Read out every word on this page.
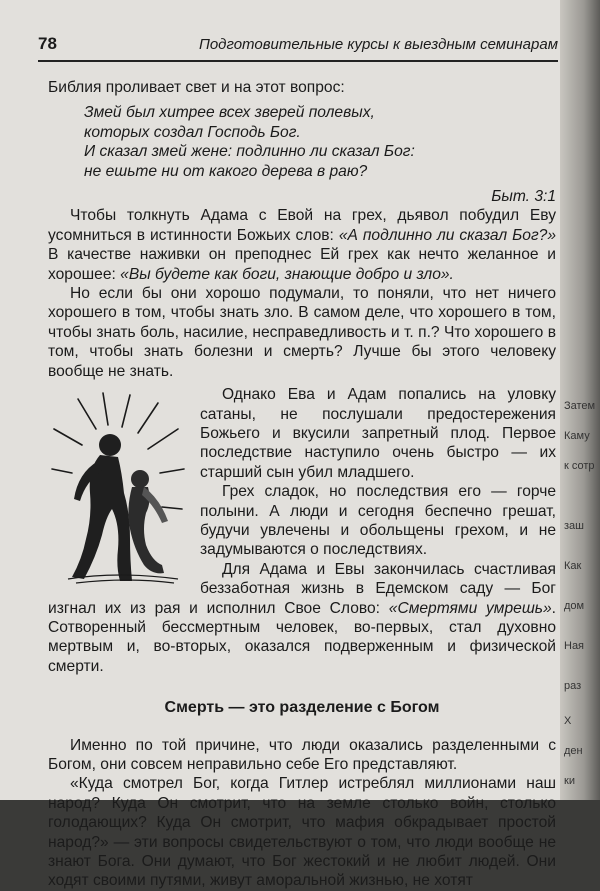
78	Подготовительные курсы к выездным семинарам

Библия проливает свет и на этот вопрос:

Змей был хитрее всех зверей полевых,
которых создал Господь Бог.
И сказал змей жене: подлинно ли сказал Бог:
не ешьте ни от какого дерева в раю?
Быт. 3:1

Чтобы толкнуть Адама с Евой на грех, дьявол побудил Еву усомниться в истинности Божьих слов: «А подлинно ли сказал Бог?» В качестве наживки он преподнес Ей грех как нечто желанное и хорошее: «Вы будете как боги, знающие добро и зло».

Но если бы они хорошо подумали, то поняли, что нет ничего хорошего в том, чтобы знать зло. В самом деле, что хорошего в том, чтобы знать боль, насилие, несправедливость и т. п.? Что хорошего в том, чтобы знать болезни и смерть? Лучше бы этого человеку вообще не знать.

Однако Ева и Адам попались на уловку сатаны, не послушали предостережения Божьего и вкусили запретный плод. Первое последствие наступило очень быстро — их старший сын убил младшего.

Грех сладок, но последствия его — горче полыни. А люди и сегодня беспечно грешат, будучи увлечены и обольщены грехом, и не задумываются о последствиях.

Для Адама и Евы закончилась счастливая беззаботная жизнь в Едемском саду — Бог изгнал их из рая и исполнил Свое Слово: «Смертями умрешь». Сотворенный бессмертным человек, во-первых, стал духовно мертвым и, во-вторых, оказался подверженным и физической смерти.

Смерть — это разделение с Богом

Именно по той причине, что люди оказались разделенными с Богом, они совсем неправильно себе Его представляют.

«Куда смотрел Бог, когда Гитлер истреблял миллионами наш народ? Куда Он смотрит, что на земле столько войн, столько голодающих? Куда Он смотрит, что мафия обкрадывает простой народ?» — эти вопросы свидетельствуют о том, что люди вообще не знают Бога. Они думают, что Бог жестокий и не любит людей. Они ходят своими путями, живут аморальной жизнью, не хотят

Затем
Каму
к сотр
заш
Как
дом
Ная
раз
Х
ден
ки
